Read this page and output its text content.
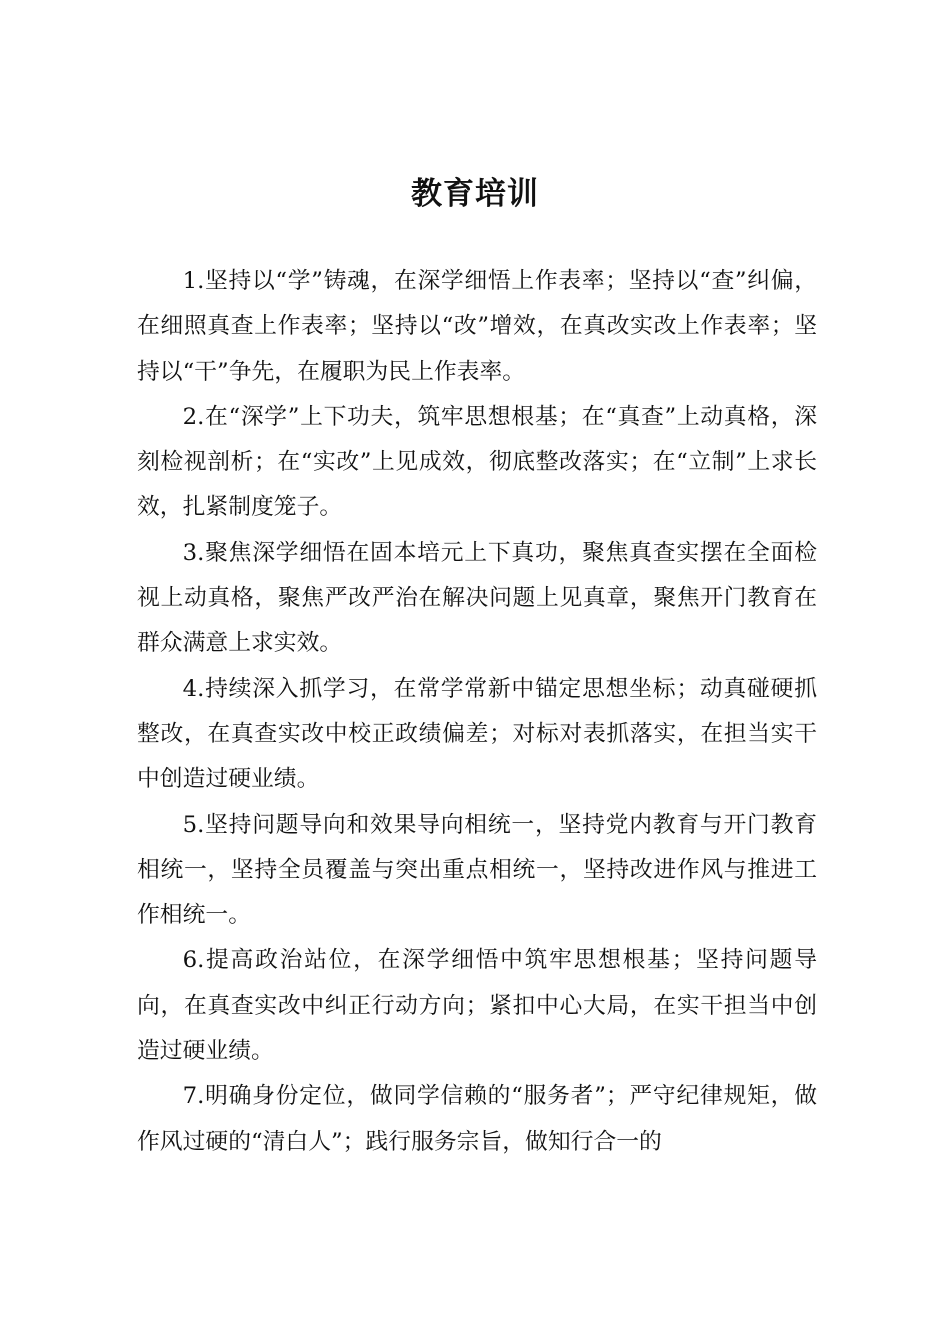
教育培训

1.坚持以“学”铸魂，在深学细悟上作表率；坚持以“查”纠偏，在细照真查上作表率；坚持以“改”增效，在真改实改上作表率；坚持以“干”争先，在履职为民上作表率。

2.在“深学”上下功夫，筑牢思想根基；在“真查”上动真格，深刻检视剖析；在“实改”上见成效，彻底整改落实；在“立制”上求长效，扎紧制度笼子。

3.聚焦深学细悟在固本培元上下真功，聚焦真查实摆在全面检视上动真格，聚焦严改严治在解决问题上见真章，聚焦开门教育在群众满意上求实效。

4.持续深入抓学习，在常学常新中锚定思想坐标；动真碰硬抓整改，在真查实改中校正政绩偏差；对标对表抓落实，在担当实干中创造过硬业绩。

5.坚持问题导向和效果导向相统一，坚持党内教育与开门教育相统一，坚持全员覆盖与突出重点相统一，坚持改进作风与推进工作相统一。

6.提高政治站位，在深学细悟中筑牢思想根基；坚持问题导向，在真查实改中纠正行动方向；紧扣中心大局，在实干担当中创造过硬业绩。

7.明确身份定位，做同学信赖的“服务者”；严守纪律规矩，做作风过硬的“清白人”；践行服务宗旨，做知行合一的
